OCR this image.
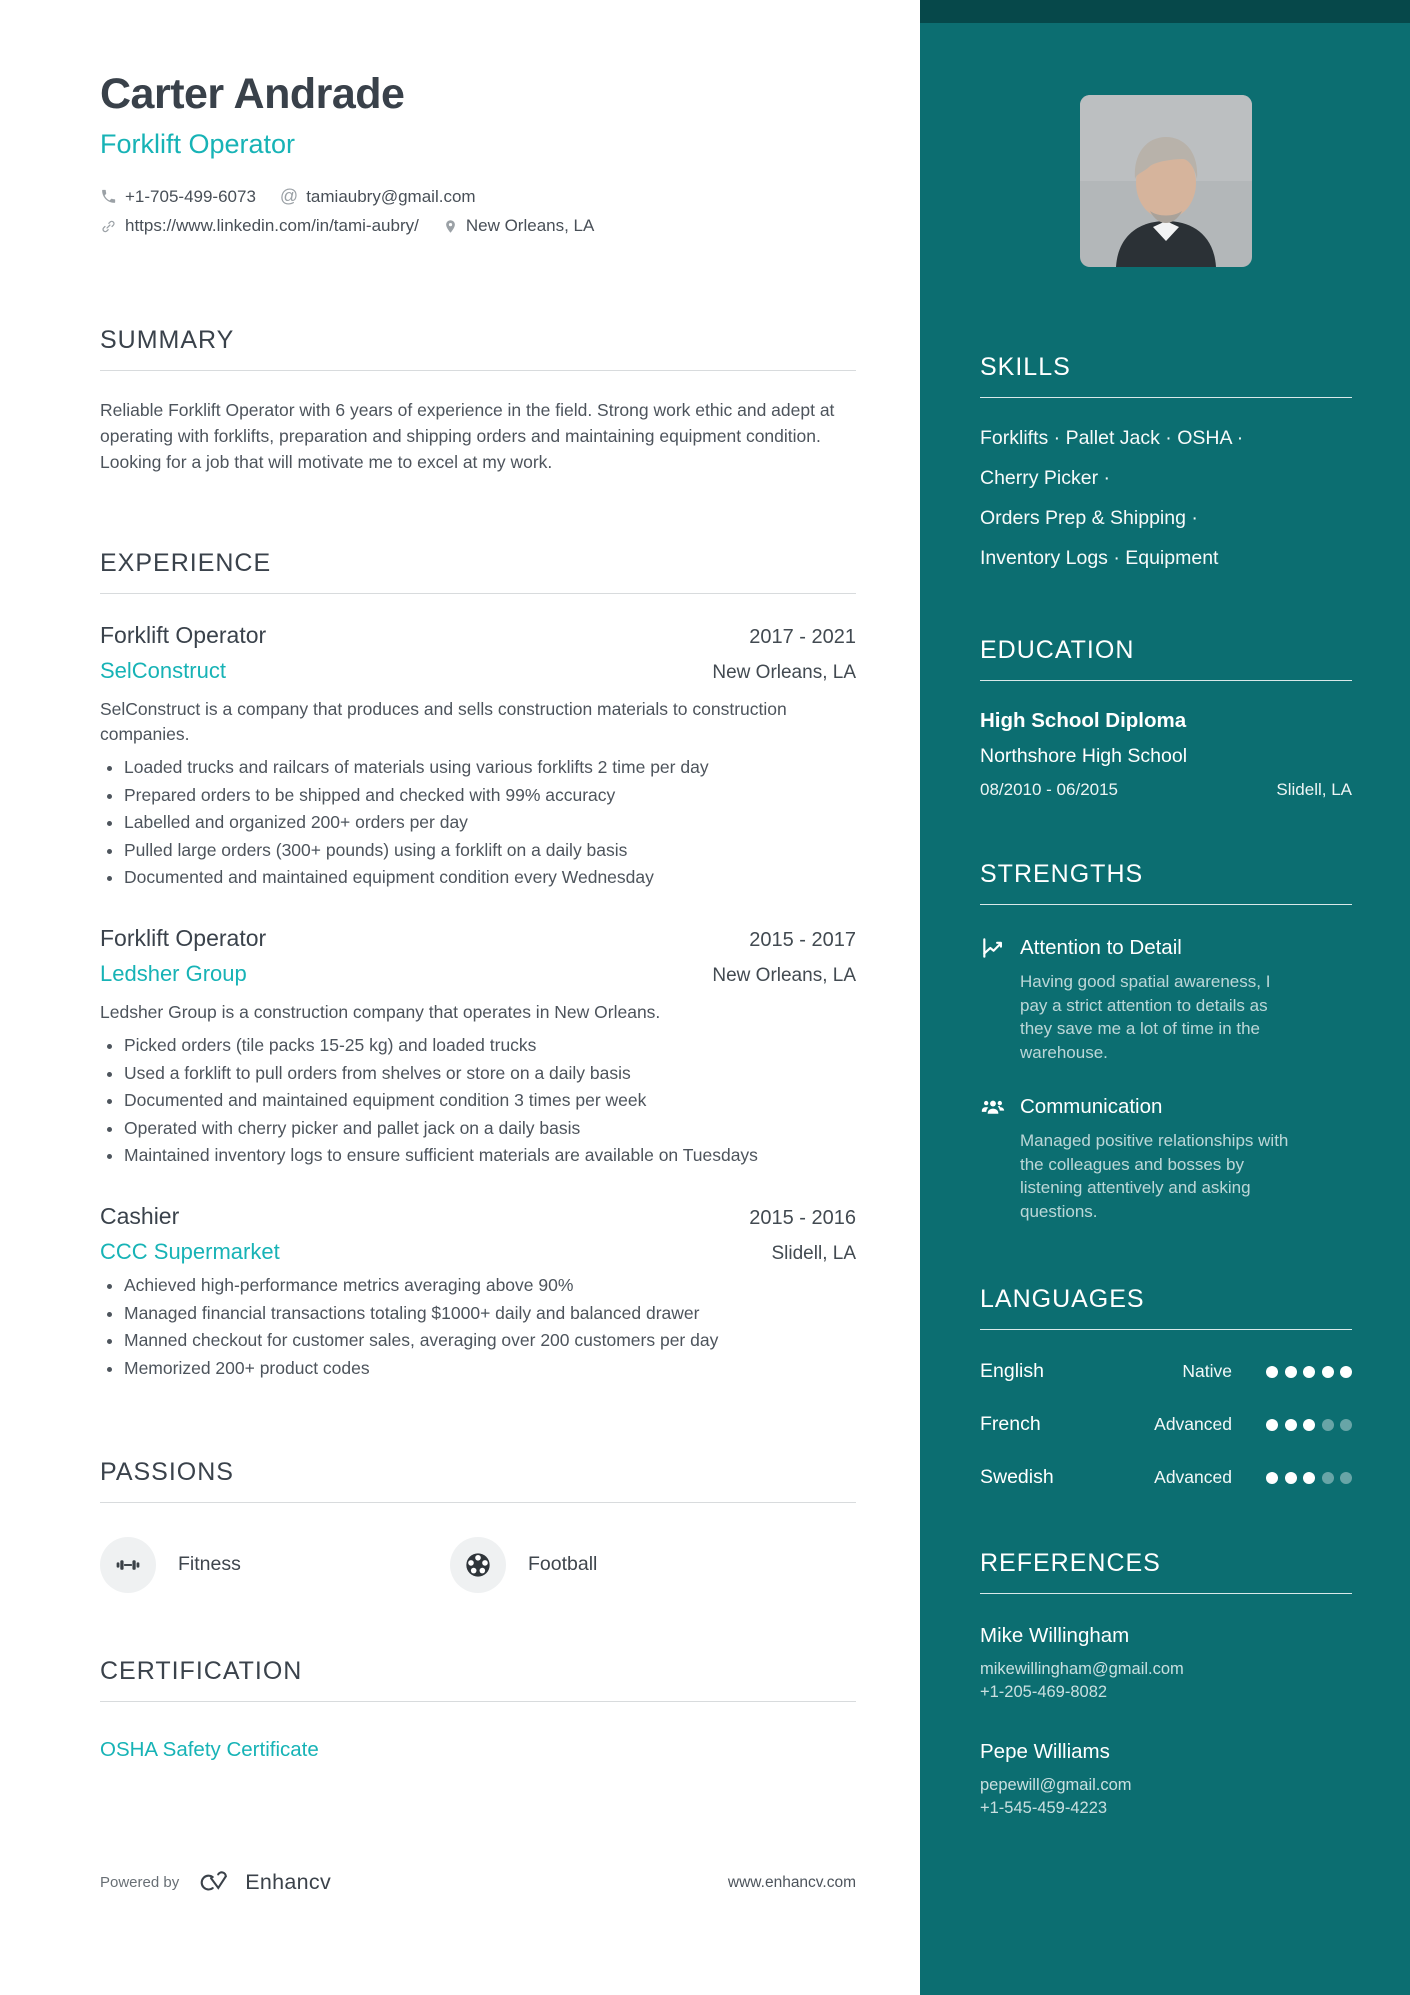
Carter Andrade
Forklift Operator
+1-705-499-6073 @ tamiaubry@gmail.com
https://www.linkedin.com/in/tami-aubry/	New Orleans, LA
SUMMARY

Reliable Forklift Operator with 6 years of experience in the field. Strong work ethic and adept at operating with forklifts, preparation and shipping orders and maintaining equipment condition. Looking for a job that will motivate me to excel at my work.

EXPERIENCE
Forklift Operator	2017 - 2021
SelConstruct	New Orleans, LA

SelConstruct is a company that produces and sells construction materials to construction companies.

• Loaded trucks and railcars of materials using various forklifts 2 time per day
• Prepared orders to be shipped and checked with 99% accuracy
• Labelled and organized 200+ orders per day
• Pulled large orders (300+ pounds) using a forklift on a daily basis
• Documented and maintained equipment condition every Wednesday
Forklift Operator	2015 - 2017
Ledsher Group	New Orleans, LA

Ledsher Group is a construction company that operates in New Orleans.

• Picked orders (tile packs 15-25 kg) and loaded trucks
• Used a forklift to pull orders from shelves or store on a daily basis
• Documented and maintained equipment condition 3 times per week
• Operated with cherry picker and pallet jack on a daily basis
• Maintained inventory logs to ensure sufficient materials are available on Tuesdays
Cashier	2015 - 2016
CCC Supermarket	Slidell, LA
• Achieved high-performance metrics averaging above 90%
• Managed financial transactions totaling $1000+ daily and balanced drawer
• Manned checkout for customer sales, averaging over 200 customers per day
• Memorized 200+ product codes
PASSIONS
Fitness	Football
CERTIFICATION
OSHA Safety Certificate
Powered by	Enhancv	www.enhancv.com
SKILLS
Forklifts · Pallet Jack · OSHA ·
Cherry Picker ·
Orders Prep & Shipping ·
Inventory Logs · Equipment
EDUCATION
High School Diploma
Northshore High School
08/2010 - 06/2015	Slidell, LA
STRENGTHS
Attention to Detail

Having good spatial awareness, I pay a strict attention to details as they save me a lot of time in the warehouse.

Communication

Managed positive relationships with the colleagues and bosses by listening attentively and asking questions.

LANGUAGES
English	Native
French	Advanced
Swedish	Advanced
REFERENCES
Mike Willingham
mikewillingham@gmail.com
+1-205-469-8082
Pepe Williams
pepewill@gmail.com
+1-545-459-4223
